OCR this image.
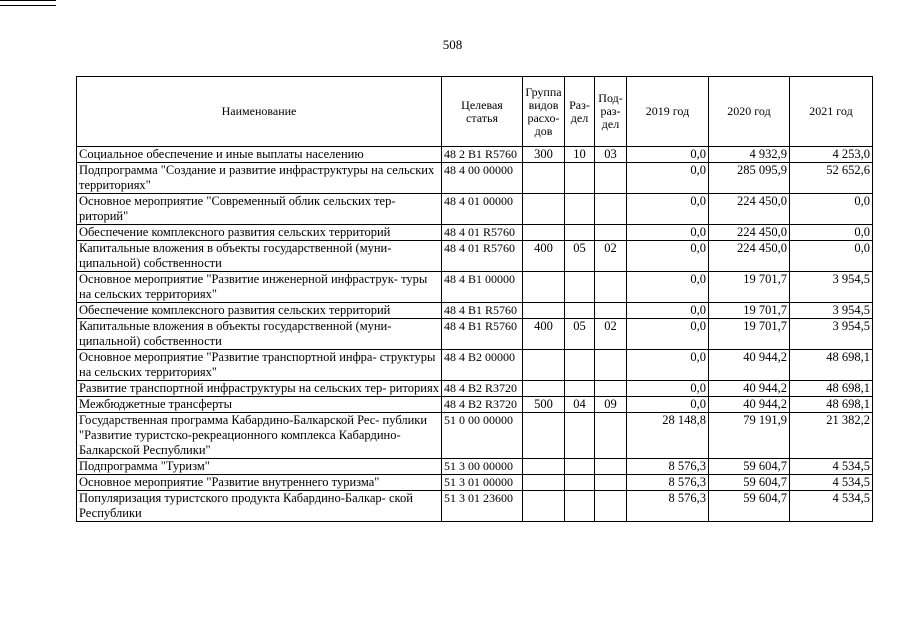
508
Наименование	Целевая статья	Группа видов расхо- дов	Раз- дел	Под- раз- дел	2019 год	2020 год	2021 год
Социальное обеспечение и иные выплаты населению	48 2 B1 R5760	300	10	03	0,0	4 932,9	4 253,0
Подпрограмма "Создание и развитие инфраструктуры на сельских территориях"	48 4 00 00000				0,0	285 095,9	52 652,6
Основное мероприятие "Современный облик сельских тер- риторий"	48 4 01 00000				0,0	224 450,0	0,0
Обеспечение комплексного развития сельских территорий	48 4 01 R5760				0,0	224 450,0	0,0
Капитальные вложения в объекты государственной (муни- ципальной) собственности	48 4 01 R5760	400	05	02	0,0	224 450,0	0,0
Основное мероприятие "Развитие инженерной инфраструк- туры на сельских территориях"	48 4 B1 00000				0,0	19 701,7	3 954,5
Обеспечение комплексного развития сельских территорий	48 4 B1 R5760				0,0	19 701,7	3 954,5
Капитальные вложения в объекты государственной (муни- ципальной) собственности	48 4 B1 R5760	400	05	02	0,0	19 701,7	3 954,5
Основное мероприятие "Развитие транспортной инфра- структуры на сельских территориях"	48 4 B2 00000				0,0	40 944,2	48 698,1
Развитие транспортной инфраструктуры на сельских тер- риториях	48 4 B2 R3720				0,0	40 944,2	48 698,1
Межбюджетные трансферты	48 4 B2 R3720	500	04	09	0,0	40 944,2	48 698,1
Государственная программа Кабардино-Балкарской Рес- публики "Развитие туристско-рекреационного комплекса Кабардино-Балкарской Республики"	51 0 00 00000				28 148,8	79 191,9	21 382,2
Подпрограмма "Туризм"	51 3 00 00000				8 576,3	59 604,7	4 534,5
Основное мероприятие "Развитие внутреннего туризма"	51 3 01 00000				8 576,3	59 604,7	4 534,5
Популяризация туристского продукта Кабардино-Балкар- ской Республики	51 3 01 23600				8 576,3	59 604,7	4 534,5
